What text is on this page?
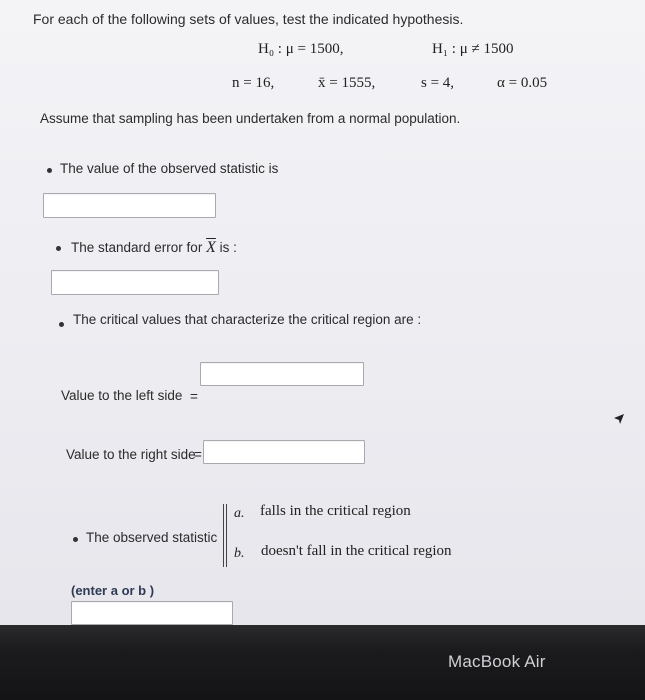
For each of the following sets of values, test the indicated hypothesis.
H₀ : μ = 1500,	H₁ : μ ≠ 1500
n = 16,	x̄ = 1555,	s = 4,	α = 0.05
Assume that sampling has been undertaken from a normal population.
The value of the observed statistic is
The standard error for $\overline{X}$ is :
The critical values that characterize the critical region are :
Value to the left side =
Value to the right side
=
The observed statistic
a. falls in the critical region
b. doesn't fall in the critical region
(enter a or b )
MacBook Air
